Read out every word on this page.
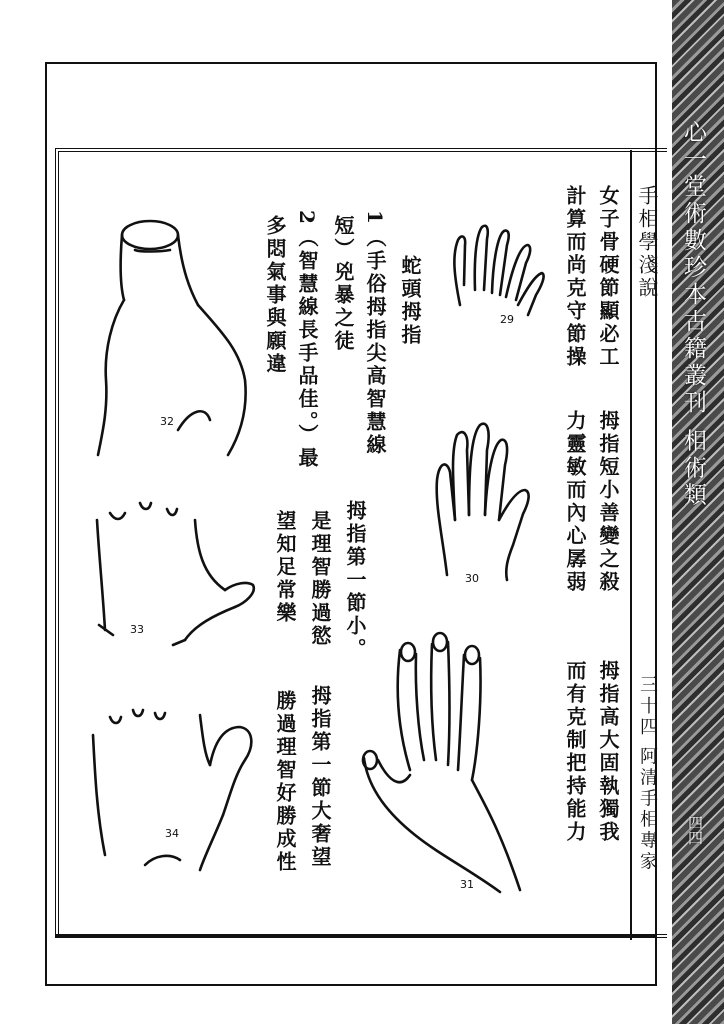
心一堂術數珍本古籍叢刊 相術類
四四
手相學淺說
三十四 阿清手相專家
女子骨硬節顯必工
計算而尚克守節操
拇指短小善變之殺
力靈敏而內心孱弱
拇指高大固執獨我
而有克制把持能力
蛇頭拇指
1（手俗拇指尖高智慧線
短）兇暴之徒
2（智慧線長手品佳。）最
多悶氣事與願違
拇指第一節小。
是理智勝過慾
望知足常樂
拇指第一節大奢望
勝過理智好勝成性
29
30
31
32
33
34
